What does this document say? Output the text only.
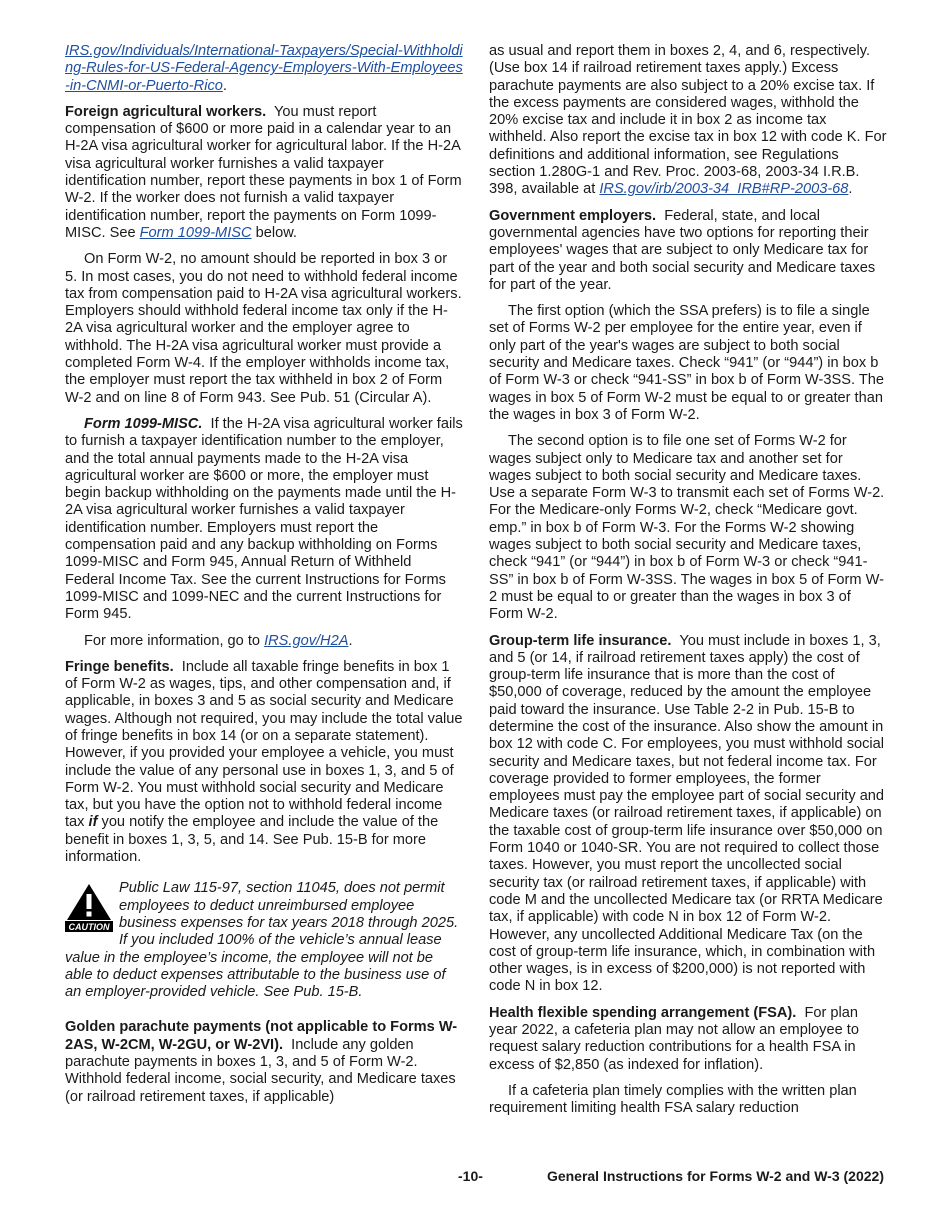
IRS.gov/Individuals/International-Taxpayers/Special-Withholding-Rules-for-US-Federal-Agency-Employers-With-Employees-in-CNMI-or-Puerto-Rico.

Foreign agricultural workers. You must report compensation of $600 or more paid in a calendar year to an H-2A visa agricultural worker for agricultural labor. If the H-2A visa agricultural worker furnishes a valid taxpayer identification number, report these payments in box 1 of Form W-2. If the worker does not furnish a valid taxpayer identification number, report the payments on Form 1099-MISC. See Form 1099-MISC below.

On Form W-2, no amount should be reported in box 3 or 5. In most cases, you do not need to withhold federal income tax from compensation paid to H-2A visa agricultural workers. Employers should withhold federal income tax only if the H-2A visa agricultural worker and the employer agree to withhold. The H-2A visa agricultural worker must provide a completed Form W-4. If the employer withholds income tax, the employer must report the tax withheld in box 2 of Form W-2 and on line 8 of Form 943. See Pub. 51 (Circular A).

Form 1099-MISC. If the H-2A visa agricultural worker fails to furnish a taxpayer identification number to the employer, and the total annual payments made to the H-2A visa agricultural worker are $600 or more, the employer must begin backup withholding on the payments made until the H-2A visa agricultural worker furnishes a valid taxpayer identification number. Employers must report the compensation paid and any backup withholding on Forms 1099-MISC and Form 945, Annual Return of Withheld Federal Income Tax. See the current Instructions for Forms 1099-MISC and 1099-NEC and the current Instructions for Form 945.

For more information, go to IRS.gov/H2A.

Fringe benefits. Include all taxable fringe benefits in box 1 of Form W-2 as wages, tips, and other compensation and, if applicable, in boxes 3 and 5 as social security and Medicare wages. Although not required, you may include the total value of fringe benefits in box 14 (or on a separate statement). However, if you provided your employee a vehicle, you must include the value of any personal use in boxes 1, 3, and 5 of Form W-2. You must withhold social security and Medicare tax, but you have the option not to withhold federal income tax if you notify the employee and include the value of the benefit in boxes 1, 3, 5, and 14. See Pub. 15-B for more information.

CAUTION
Public Law 115-97, section 11045, does not permit employees to deduct unreimbursed employee business expenses for tax years 2018 through 2025. If you included 100% of the vehicle’s annual lease value in the employee’s income, the employee will not be able to deduct expenses attributable to the business use of an employer-provided vehicle. See Pub. 15-B.

Golden parachute payments (not applicable to Forms W-2AS, W-2CM, W-2GU, or W-2VI). Include any golden parachute payments in boxes 1, 3, and 5 of Form W-2. Withhold federal income, social security, and Medicare taxes (or railroad retirement taxes, if applicable)

as usual and report them in boxes 2, 4, and 6, respectively. (Use box 14 if railroad retirement taxes apply.) Excess parachute payments are also subject to a 20% excise tax. If the excess payments are considered wages, withhold the 20% excise tax and include it in box 2 as income tax withheld. Also report the excise tax in box 12 with code K. For definitions and additional information, see Regulations section 1.280G-1 and Rev. Proc. 2003-68, 2003-34 I.R.B. 398, available at IRS.gov/irb/2003-34_IRB#RP-2003-68.

Government employers. Federal, state, and local governmental agencies have two options for reporting their employees' wages that are subject to only Medicare tax for part of the year and both social security and Medicare taxes for part of the year.

The first option (which the SSA prefers) is to file a single set of Forms W-2 per employee for the entire year, even if only part of the year's wages are subject to both social security and Medicare taxes. Check “941” (or “944”) in box b of Form W-3 or check “941-SS” in box b of Form W-3SS. The wages in box 5 of Form W-2 must be equal to or greater than the wages in box 3 of Form W-2.

The second option is to file one set of Forms W-2 for wages subject only to Medicare tax and another set for wages subject to both social security and Medicare taxes. Use a separate Form W-3 to transmit each set of Forms W-2. For the Medicare-only Forms W-2, check “Medicare govt. emp.” in box b of Form W-3. For the Forms W-2 showing wages subject to both social security and Medicare taxes, check “941” (or “944”) in box b of Form W-3 or check “941-SS” in box b of Form W-3SS. The wages in box 5 of Form W-2 must be equal to or greater than the wages in box 3 of Form W-2.

Group-term life insurance. You must include in boxes 1, 3, and 5 (or 14, if railroad retirement taxes apply) the cost of group-term life insurance that is more than the cost of $50,000 of coverage, reduced by the amount the employee paid toward the insurance. Use Table 2-2 in Pub. 15-B to determine the cost of the insurance. Also show the amount in box 12 with code C. For employees, you must withhold social security and Medicare taxes, but not federal income tax. For coverage provided to former employees, the former employees must pay the employee part of social security and Medicare taxes (or railroad retirement taxes, if applicable) on the taxable cost of group-term life insurance over $50,000 on Form 1040 or 1040-SR. You are not required to collect those taxes. However, you must report the uncollected social security tax (or railroad retirement taxes, if applicable) with code M and the uncollected Medicare tax (or RRTA Medicare tax, if applicable) with code N in box 12 of Form W-2. However, any uncollected Additional Medicare Tax (on the cost of group-term life insurance, which, in combination with other wages, is in excess of $200,000) is not reported with code N in box 12.

Health flexible spending arrangement (FSA). For plan year 2022, a cafeteria plan may not allow an employee to request salary reduction contributions for a health FSA in excess of $2,850 (as indexed for inflation).

If a cafeteria plan timely complies with the written plan requirement limiting health FSA salary reduction

-10-	General Instructions for Forms W-2 and W-3 (2022)
